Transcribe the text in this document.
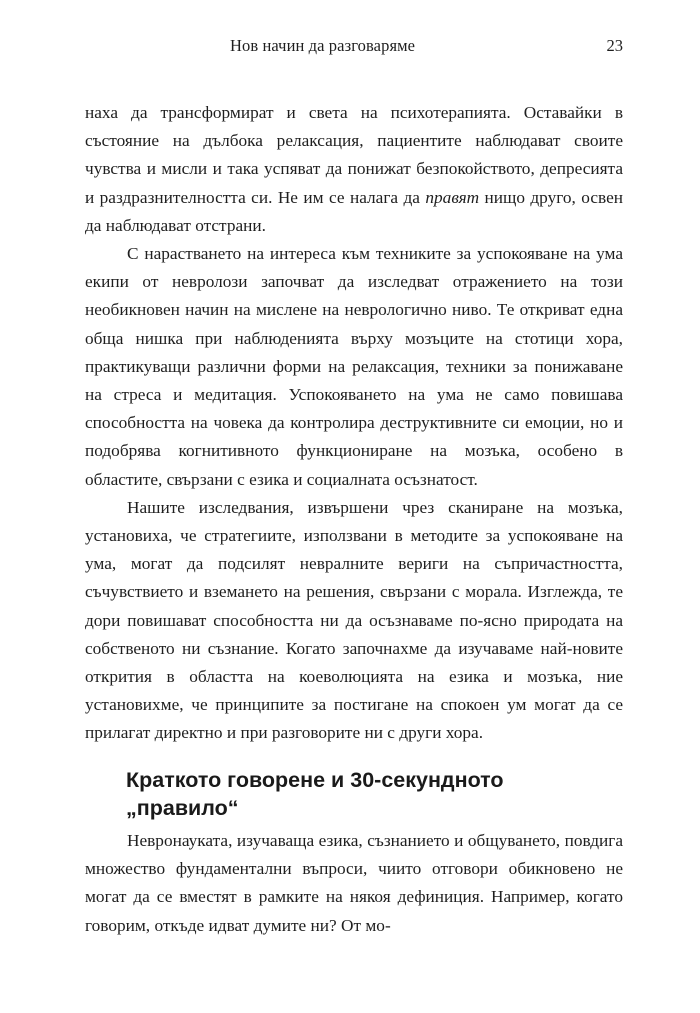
Нов начин да разговаряме	23

наха да трансформират и света на психотерапията. Оставайки в състояние на дълбока релаксация, пациентите наблюдават своите чувства и мисли и така успяват да понижат безпокойството, депресията и раздразнителността си. Не им се налага да правят нищо друго, освен да наблюдават отстрани.

С нарастването на интереса към техниките за успокояване на ума екипи от невролози започват да изследват отражението на този необикновен начин на мислене на неврологично ниво. Те откриват една обща нишка при наблюденията върху мозъците на стотици хора, практикуващи различни форми на релаксация, техники за понижаване на стреса и медитация. Успокояването на ума не само повишава способността на човека да контролира деструктивните си емоции, но и подобрява когнитивното функциониране на мозъка, особено в областите, свързани с езика и социалната осъзнатост.

Нашите изследвания, извършени чрез сканиране на мозъка, установиха, че стратегиите, използвани в методите за успокояване на ума, могат да подсилят невралните вериги на съпричастността, съчувствието и вземането на решения, свързани с морала. Изглежда, те дори повишават способността ни да осъзнаваме по-ясно природата на собственото ни съзнание. Когато започнахме да изучаваме най-новите открития в областта на коеволюцията на езика и мозъка, ние установихме, че принципите за постигане на спокоен ум могат да се прилагат директно и при разговорите ни с други хора.

Краткото говорене и 30-секундното „правило“

Невронауката, изучаваща езика, съзнанието и общуването, повдига множество фундаментални въпроси, чиито отговори обикновено не могат да се вместят в рамките на някоя дефиниция. Например, когато говорим, откъде идват думите ни? От мо-
